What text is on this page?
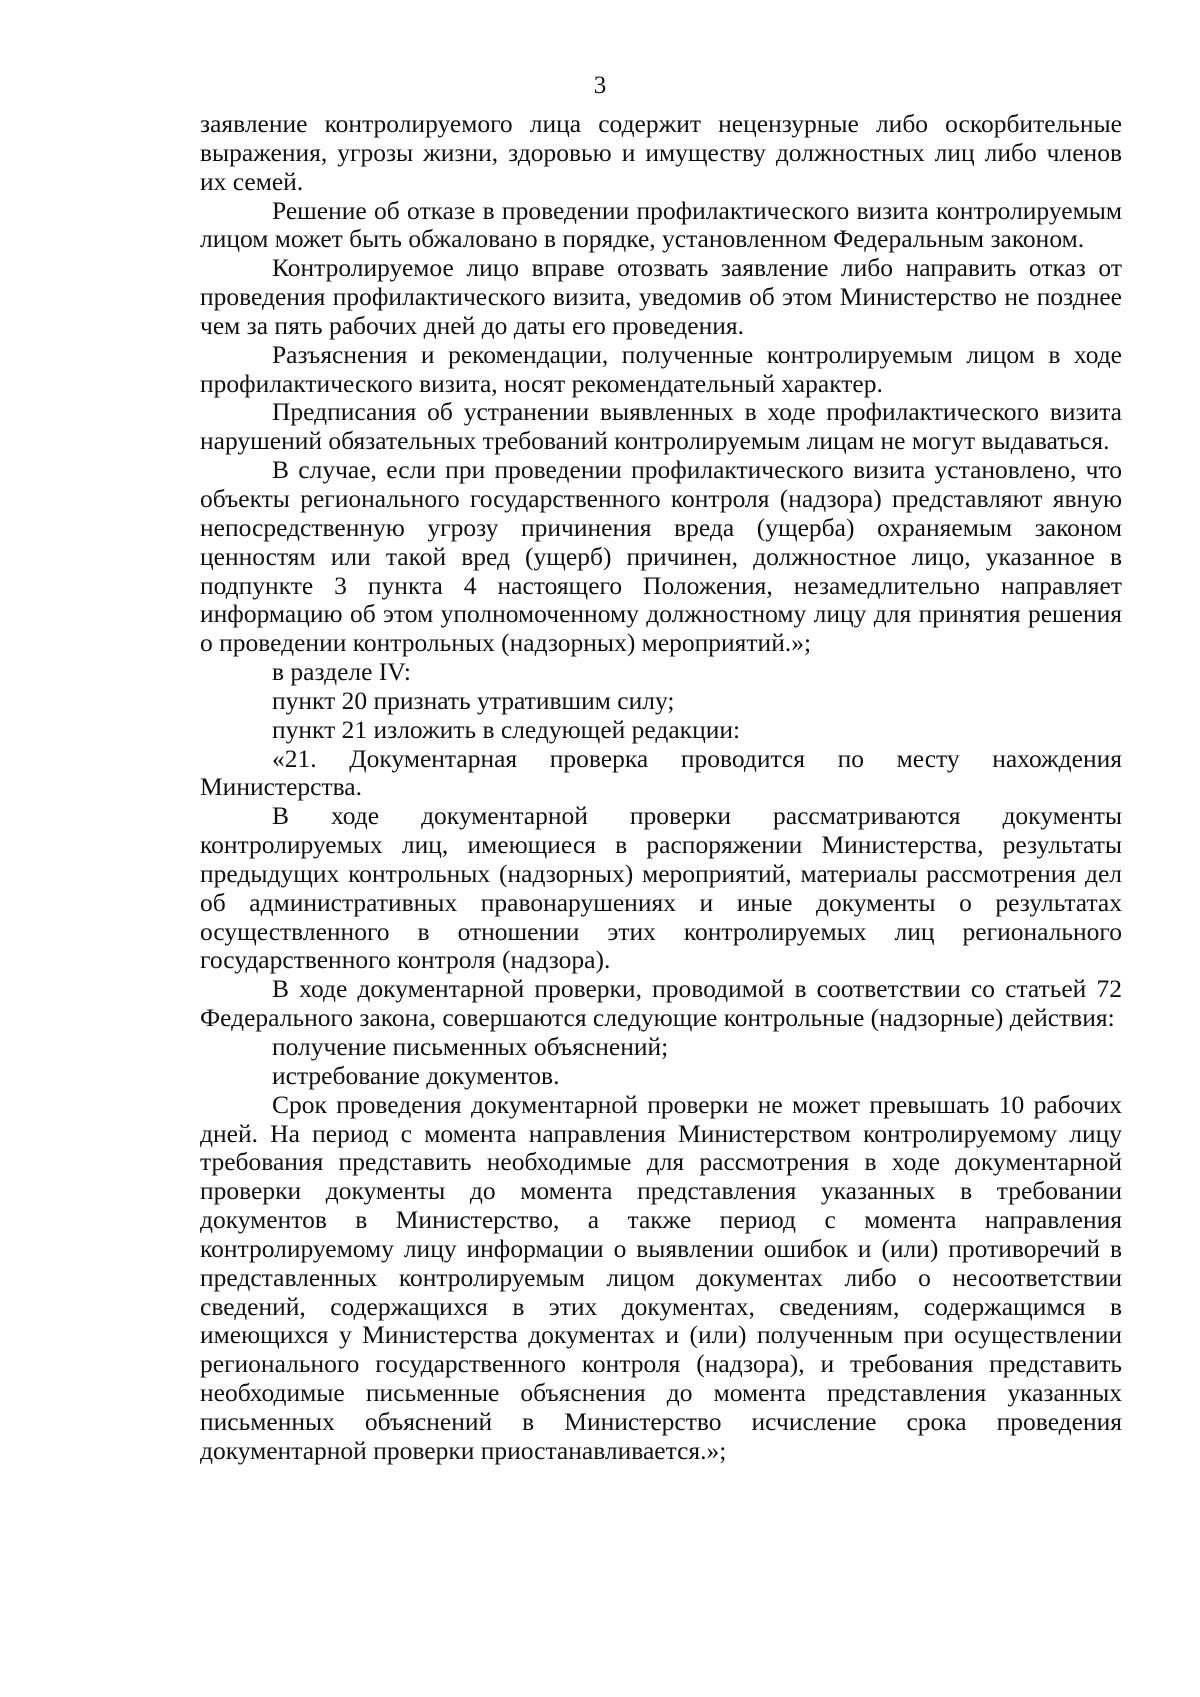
3

заявление контролируемого лица содержит нецензурные либо оскорбительные выражения, угрозы жизни, здоровью и имуществу должностных лиц либо членов их семей.

Решение об отказе в проведении профилактического визита контролируемым лицом может быть обжаловано в порядке, установленном Федеральным законом.

Контролируемое лицо вправе отозвать заявление либо направить отказ от проведения профилактического визита, уведомив об этом Министерство не позднее чем за пять рабочих дней до даты его проведения.

Разъяснения и рекомендации, полученные контролируемым лицом в ходе профилактического визита, носят рекомендательный характер.

Предписания об устранении выявленных в ходе профилактического визита нарушений обязательных требований контролируемым лицам не могут выдаваться.

В случае, если при проведении профилактического визита установлено, что объекты регионального государственного контроля (надзора) представляют явную непосредственную угрозу причинения вреда (ущерба) охраняемым законом ценностям или такой вред (ущерб) причинен, должностное лицо, указанное в подпункте 3 пункта 4 настоящего Положения, незамедлительно направляет информацию об этом уполномоченному должностному лицу для принятия решения о проведении контрольных (надзорных) мероприятий.»;

в разделе IV:

пункт 20 признать утратившим силу;

пункт 21 изложить в следующей редакции:

«21. Документарная проверка проводится по месту нахождения Министерства.

В ходе документарной проверки рассматриваются документы контролируемых лиц, имеющиеся в распоряжении Министерства, результаты предыдущих контрольных (надзорных) мероприятий, материалы рассмотрения дел об административных правонарушениях и иные документы о результатах осуществленного в отношении этих контролируемых лиц регионального государственного контроля (надзора).

В ходе документарной проверки, проводимой в соответствии со статьей 72 Федерального закона, совершаются следующие контрольные (надзорные) действия:

получение письменных объяснений;

истребование документов.

Срок проведения документарной проверки не может превышать 10 рабочих дней. На период с момента направления Министерством контролируемому лицу требования представить необходимые для рассмотрения в ходе документарной проверки документы до момента представления указанных в требовании документов в Министерство, а также период с момента направления контролируемому лицу информации о выявлении ошибок и (или) противоречий в представленных контролируемым лицом документах либо о несоответствии сведений, содержащихся в этих документах, сведениям, содержащимся в имеющихся у Министерства документах и (или) полученным при осуществлении регионального государственного контроля (надзора), и требования представить необходимые письменные объяснения до момента представления указанных письменных объяснений в Министерство исчисление срока проведения документарной проверки приостанавливается.»;
